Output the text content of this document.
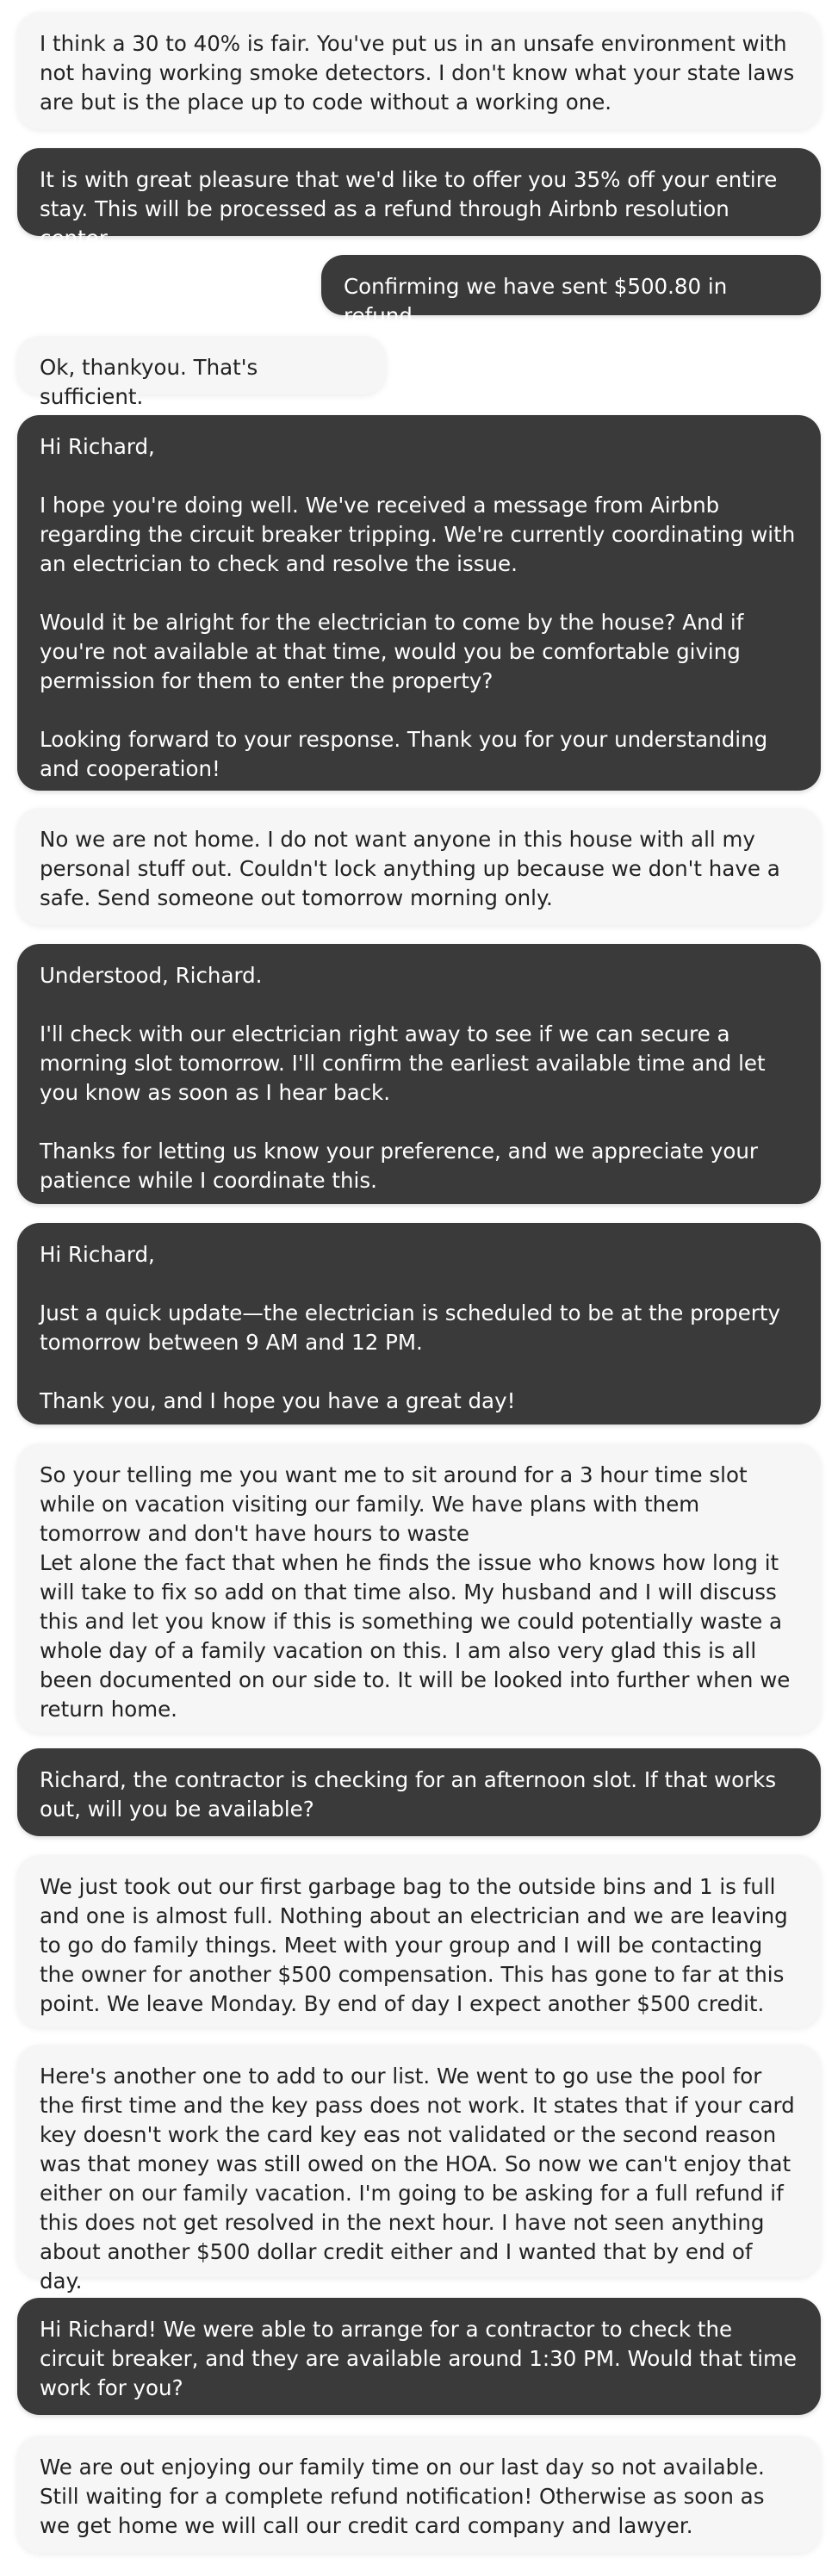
I think a 30 to 40% is fair. You've put us in an unsafe environment with not having working smoke detectors. I don't know what your state laws are but is the place up to code without a working one.
It is with great pleasure that we'd like to offer you 35% off your entire stay. This will be processed as a refund through Airbnb resolution center.
Confirming we have sent $500.80 in refund.
Ok, thankyou. That's sufficient.
Hi Richard,

I hope you're doing well. We've received a message from Airbnb regarding the circuit breaker tripping. We're currently coordinating with an electrician to check and resolve the issue.

Would it be alright for the electrician to come by the house? And if you're not available at that time, would you be comfortable giving permission for them to enter the property?

Looking forward to your response. Thank you for your understanding and cooperation!
No we are not home. I do not want anyone in this house with all my personal stuff out. Couldn't lock anything up because we don't have a safe. Send someone out tomorrow morning only.
Understood, Richard.

I'll check with our electrician right away to see if we can secure a morning slot tomorrow. I'll confirm the earliest available time and let you know as soon as I hear back.

Thanks for letting us know your preference, and we appreciate your patience while I coordinate this.
Hi Richard,

Just a quick update—the electrician is scheduled to be at the property tomorrow between 9 AM and 12 PM.

Thank you, and I hope you have a great day!
So your telling me you want me to sit around for a 3 hour time slot while on vacation visiting our family. We have plans with them tomorrow and don't have hours to waste
Let alone the fact that when he finds the issue who knows how long it will take to fix so add on that time also. My husband and I will discuss this and let you know if this is something we could potentially waste a whole day of a family vacation on this. I am also very glad this is all been documented on our side to. It will be looked into further when we return home.
Richard, the contractor is checking for an afternoon slot. If that works out, will you be available?
We just took out our first garbage bag to the outside bins and 1 is full and one is almost full. Nothing about an electrician and we are leaving to go do family things. Meet with your group and I will be contacting the owner for another $500 compensation. This has gone to far at this point. We leave Monday. By end of day I expect another $500 credit.
Here's another one to add to our list. We went to go use the pool for the first time and the key pass does not work. It states that if your card key doesn't work the card key eas not validated or the second reason was that money was still owed on the HOA. So now we can't enjoy that either on our family vacation. I'm going to be asking for a full refund if this does not get resolved in the next hour. I have not seen anything about another $500 dollar credit either and I wanted that by end of day.
Hi Richard! We were able to arrange for a contractor to check the circuit breaker, and they are available around 1:30 PM. Would that time work for you?
We are out enjoying our family time on our last day so not available. Still waiting for a complete refund notification! Otherwise as soon as we get home we will call our credit card company and lawyer.
